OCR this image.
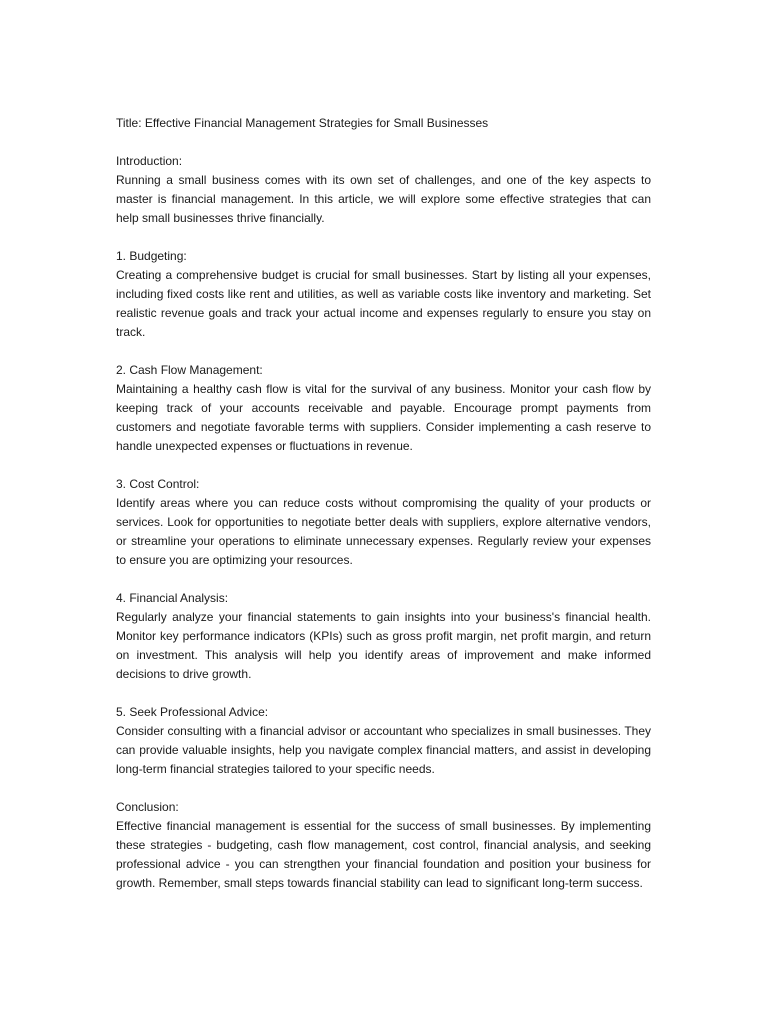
Title: Effective Financial Management Strategies for Small Businesses

Introduction:

Running a small business comes with its own set of challenges, and one of the key aspects to master is financial management. In this article, we will explore some effective strategies that can help small businesses thrive financially.

1. Budgeting:

Creating a comprehensive budget is crucial for small businesses. Start by listing all your expenses, including fixed costs like rent and utilities, as well as variable costs like inventory and marketing. Set realistic revenue goals and track your actual income and expenses regularly to ensure you stay on track.

2. Cash Flow Management:

Maintaining a healthy cash flow is vital for the survival of any business. Monitor your cash flow by keeping track of your accounts receivable and payable. Encourage prompt payments from customers and negotiate favorable terms with suppliers. Consider implementing a cash reserve to handle unexpected expenses or fluctuations in revenue.

3. Cost Control:

Identify areas where you can reduce costs without compromising the quality of your products or services. Look for opportunities to negotiate better deals with suppliers, explore alternative vendors, or streamline your operations to eliminate unnecessary expenses. Regularly review your expenses to ensure you are optimizing your resources.

4. Financial Analysis:

Regularly analyze your financial statements to gain insights into your business's financial health. Monitor key performance indicators (KPIs) such as gross profit margin, net profit margin, and return on investment. This analysis will help you identify areas of improvement and make informed decisions to drive growth.

5. Seek Professional Advice:

Consider consulting with a financial advisor or accountant who specializes in small businesses. They can provide valuable insights, help you navigate complex financial matters, and assist in developing long-term financial strategies tailored to your specific needs.

Conclusion:

Effective financial management is essential for the success of small businesses. By implementing these strategies - budgeting, cash flow management, cost control, financial analysis, and seeking professional advice - you can strengthen your financial foundation and position your business for growth. Remember, small steps towards financial stability can lead to significant long-term success.
